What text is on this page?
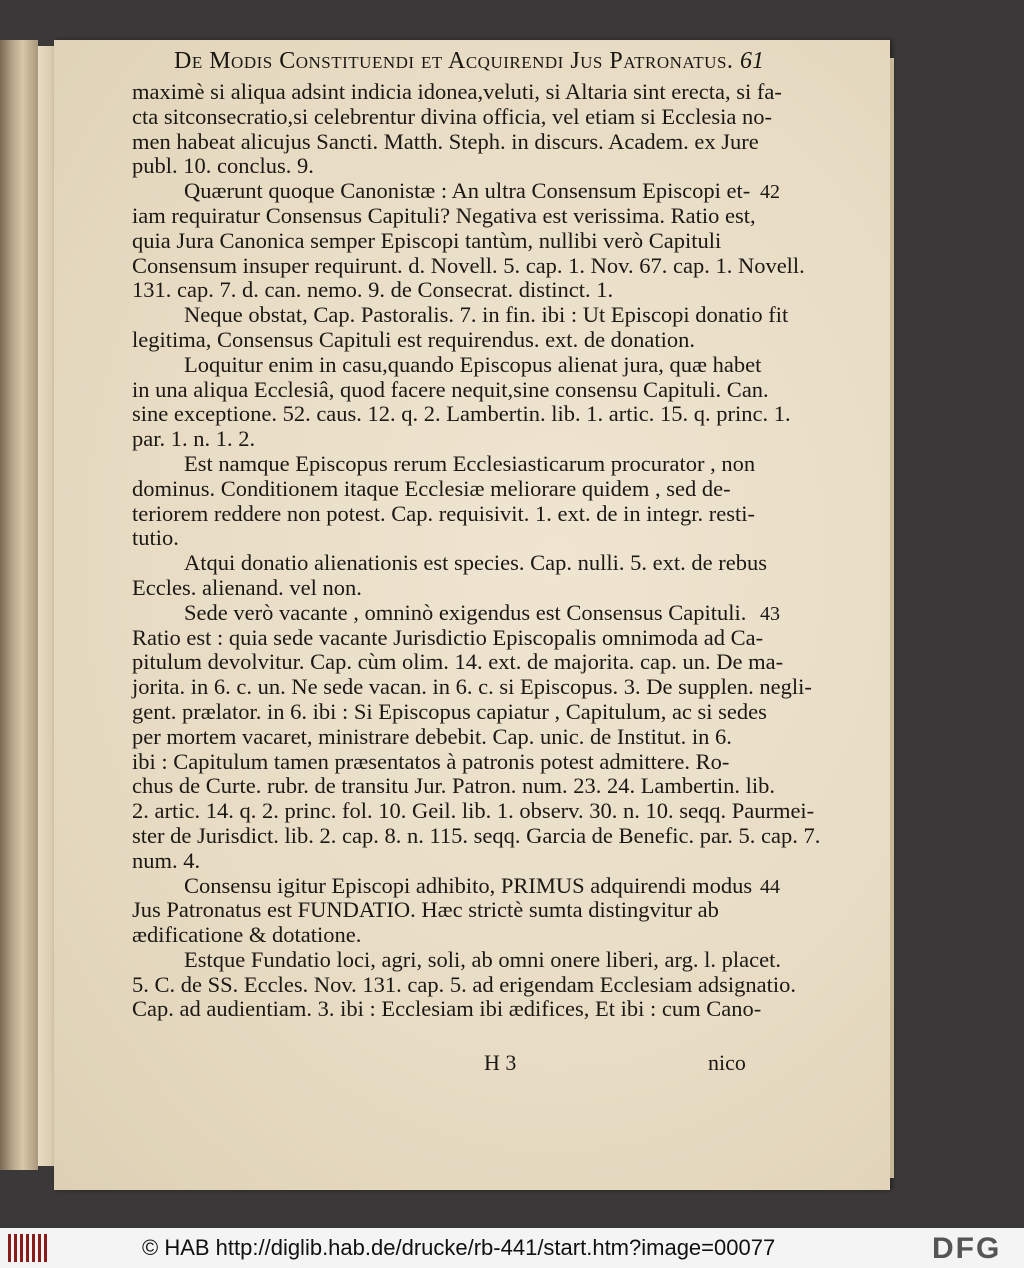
De Modis Constituendi et Acquirendi Jus Patronatus. 61
maximè si aliqua adsint indicia idonea,veluti, si Altaria sint erecta, si fa-
cta sitconsecratio,si celebrentur divina officia, vel etiam si Ecclesia no-
men habeat alicujus Sancti. Matth. Steph. in discurs. Academ. ex Jure
publ. 10. conclus. 9.
Quærunt quoque Canonistæ : An ultra Consensum Episcopi et-
iam requiratur Consensus Capituli? Negativa est verissima. Ratio est,
quia Jura Canonica semper Episcopi tantùm, nullibi verò Capituli
Consensum insuper requirunt. d. Novell. 5. cap. 1. Nov. 67. cap. 1. Novell.
131. cap. 7. d. can. nemo. 9. de Consecrat. distinct. 1.
Neque obstat, Cap. Pastoralis. 7. in fin. ibi : Ut Episcopi donatio fit
legitima, Consensus Capituli est requirendus. ext. de donation.
Loquitur enim in casu,quando Episcopus alienat jura, quæ habet
in una aliqua Ecclesiâ, quod facere nequit,sine consensu Capituli. Can.
sine exceptione. 52. caus. 12. q. 2. Lambertin. lib. 1. artic. 15. q. princ. 1.
par. 1. n. 1. 2.
Est namque Episcopus rerum Ecclesiasticarum procurator , non
dominus. Conditionem itaque Ecclesiæ meliorare quidem , sed de-
teriorem reddere non potest. Cap. requisivit. 1. ext. de in integr. resti-
tutio.
Atqui donatio alienationis est species. Cap. nulli. 5. ext. de rebus
Eccles. alienand. vel non.
Sede verò vacante , omninò exigendus est Consensus Capituli.
Ratio est : quia sede vacante Jurisdictio Episcopalis omnimoda ad Ca-
pitulum devolvitur. Cap. cùm olim. 14. ext. de majorita. cap. un. De ma-
jorita. in 6. c. un. Ne sede vacan. in 6. c. si Episcopus. 3. De supplen. negli-
gent. prælator. in 6. ibi : Si Episcopus capiatur , Capitulum, ac si sedes
per mortem vacaret, ministrare debebit. Cap. unic. de Institut. in 6.
ibi : Capitulum tamen præsentatos à patronis potest admittere. Ro-
chus de Curte. rubr. de transitu Jur. Patron. num. 23. 24. Lambertin. lib.
2. artic. 14. q. 2. princ. fol. 10. Geil. lib. 1. observ. 30. n. 10. seqq. Paurmei-
ster de Jurisdict. lib. 2. cap. 8. n. 115. seqq. Garcia de Benefic. par. 5. cap. 7.
num. 4.
Consensu igitur Episcopi adhibito, PRIMUS adquirendi modus
Jus Patronatus est FUNDATIO. Hæc strictè sumta distingvitur ab
ædificatione & dotatione.
Estque Fundatio loci, agri, soli, ab omni onere liberi, arg. l. placet.
5. C. de SS. Eccles. Nov. 131. cap. 5. ad erigendam Ecclesiam adsignatio.
Cap. ad audientiam. 3. ibi : Ecclesiam ibi ædifices, Et ibi : cum Cano-
H 3	nico
© HAB http://diglib.hab.de/drucke/rb-441/start.htm?image=00077	DFG
42
43
44
